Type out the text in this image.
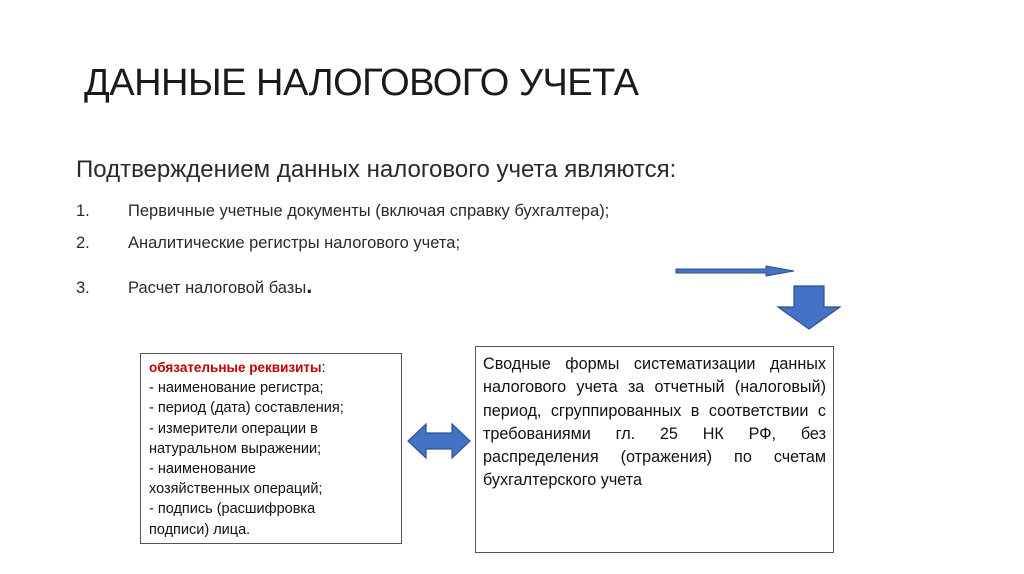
ДАННЫЕ НАЛОГОВОГО УЧЕТА
Подтверждением данных налогового учета являются:
1. Первичные учетные документы (включая справку бухгалтера);
2. Аналитические регистры налогового учета;
3. Расчет налоговой базы.
обязательные реквизиты:
- наименование регистра;
- период (дата) составления;
- измерители операции в
натуральном выражении;
- наименование
хозяйственных операций;
- подпись (расшифровка
подписи) лица.
Сводные формы систематизации данных налогового учета за отчетный (налоговый) период, сгруппированных в соответствии с требованиями гл. 25 НК РФ, без распределения (отражения) по счетам бухгалтерского учета
